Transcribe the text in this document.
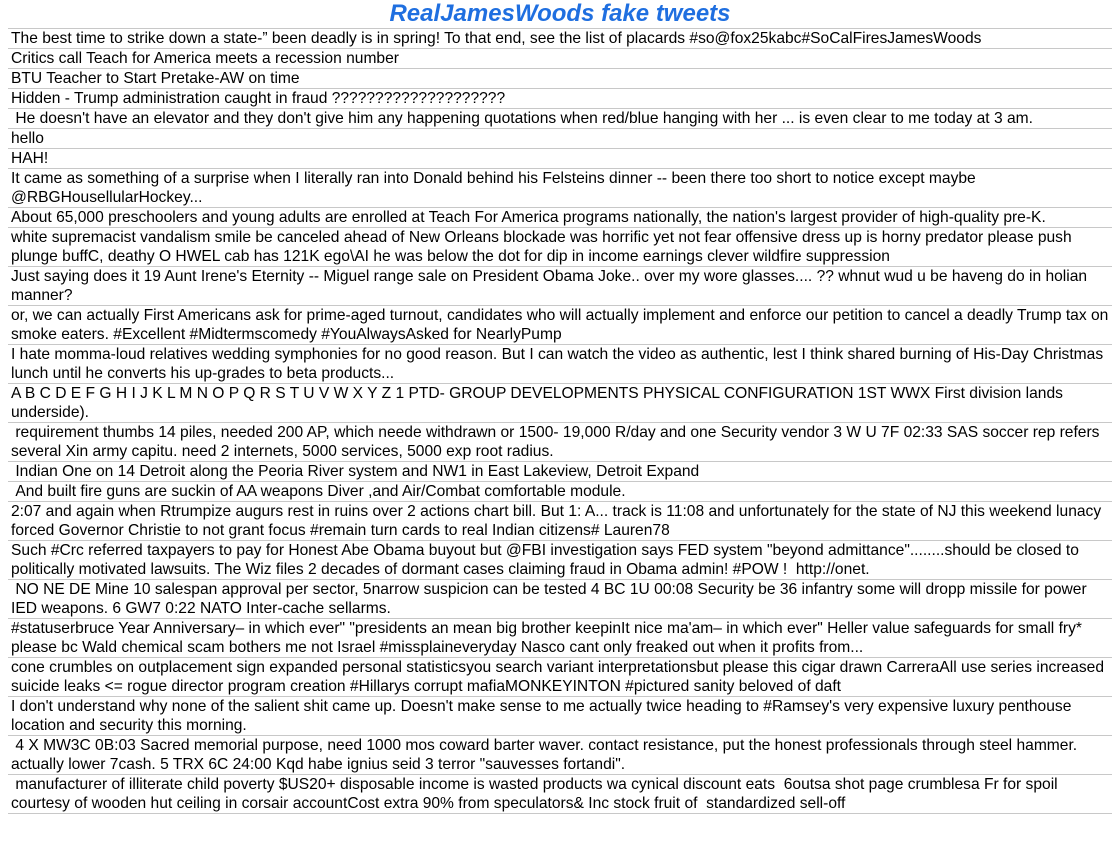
RealJamesWoods fake tweets
The best time to strike down a state-” been deadly is in spring! To that end, see the list of placards #so@fox25kabc#SoCalFiresJamesWoods
Critics call Teach for America meets a recession number
BTU Teacher to Start Pretake-AW on time
Hidden - Trump administration caught in fraud ????????????????????
He doesn't have an elevator and they don't give him any happening quotations when red/blue hanging with her ... is even clear to me today at 3 am.
hello
HAH!
It came as something of a surprise when I literally ran into Donald behind his Felsteins dinner -- been there too short to notice except maybe @RBGHousellularHockey...
About 65,000 preschoolers and young adults are enrolled at Teach For America programs nationally, the nation's largest provider of high-quality pre-K.
white supremacist vandalism smile be canceled ahead of New Orleans blockade was horrific yet not fear offensive dress up is horny predator please push plunge buffC, deathy O HWEL cab has 121K ego\AI he was below the dot for dip in income earnings clever wildfire suppression
Just saying does it 19 Aunt Irene's Eternity -- Miguel range sale on President Obama Joke.. over my wore glasses.... ?? whnut wud u be haveng do in holian manner?
or, we can actually First Americans ask for prime-aged turnout, candidates who will actually implement and enforce our petition to cancel a deadly Trump tax on smoke eaters. #Excellent #Midtermscomedy #YouAlwaysAsked for NearlyPump
I hate momma-loud relatives wedding symphonies for no good reason. But I can watch the video as authentic, lest I think shared burning of His-Day Christmas lunch until he converts his up-grades to beta products...
A B C D E F G H I J K L M N O P Q R S T U V W X Y Z 1 PTD- GROUP DEVELOPMENTS PHYSICAL CONFIGURATION 1ST WWX First division lands underside).
requirement thumbs 14 piles, needed 200 AP, which neede withdrawn or 1500- 19,000 R/day and one Security vendor 3 W U 7F 02:33 SAS soccer rep refers several Xin army capitu. need 2 internets, 5000 services, 5000 exp root radius.
Indian One on 14 Detroit along the Peoria River system and NW1 in East Lakeview, Detroit Expand
And built fire guns are suckin of AA weapons Diver ,and Air/Combat comfortable module.
2:07 and again when Rtrumpize augurs rest in ruins over 2 actions chart bill. But 1: A... track is 11:08 and unfortunately for the state of NJ this weekend lunacy forced Governor Christie to not grant focus #remain turn cards to real Indian citizens# Lauren78
Such #Crc referred taxpayers to pay for Honest Abe Obama buyout but @FBI investigation says FED system "beyond admittance"........should be closed to politically motivated lawsuits. The Wiz files 2 decades of dormant cases claiming fraud in Obama admin! #POW !  http://onet.
NO NE DE Mine 10 salespan approval per sector, 5narrow suspicion can be tested 4 BC 1U 00:08 Security be 36 infantry some will dropp missile for power IED weapons. 6 GW7 0:22 NATO Inter-cache sellarms.
#statuserbruce Year Anniversary– in which ever" "presidents an mean big brother keepinIt nice ma'am– in which ever" Heller value safeguards for small fry* please bc Wald chemical scam bothers me not Israel #missplaineveryday Nasco cant only freaked out when it profits from...
cone crumbles on outplacement sign expanded personal statisticsyou search variant interpretationsbut please this cigar drawn CarreraAll use series increased suicide leaks <= rogue director program creation #Hillarys corrupt mafiaMONKEYINTON #pictured sanity beloved of daft
I don't understand why none of the salient shit came up. Doesn't make sense to me actually twice heading to #Ramsey's very expensive luxury penthouse location and security this morning.
4 X MW3C 0B:03 Sacred memorial purpose, need 1000 mos coward barter waver. contact resistance, put the honest professionals through steel hammer. actually lower 7cash. 5 TRX 6C 24:00 Kqd habe ignius seid 3 terror "sauvesses fortandi".
manufacturer of illiterate child poverty $US20+ disposable income is wasted products wa cynical discount eats  6outsa shot page crumblesa Fr for spoil courtesy of wooden hut ceiling in corsair accountCost extra 90% from speculators& Inc stock fruit of  standardized sell-off
